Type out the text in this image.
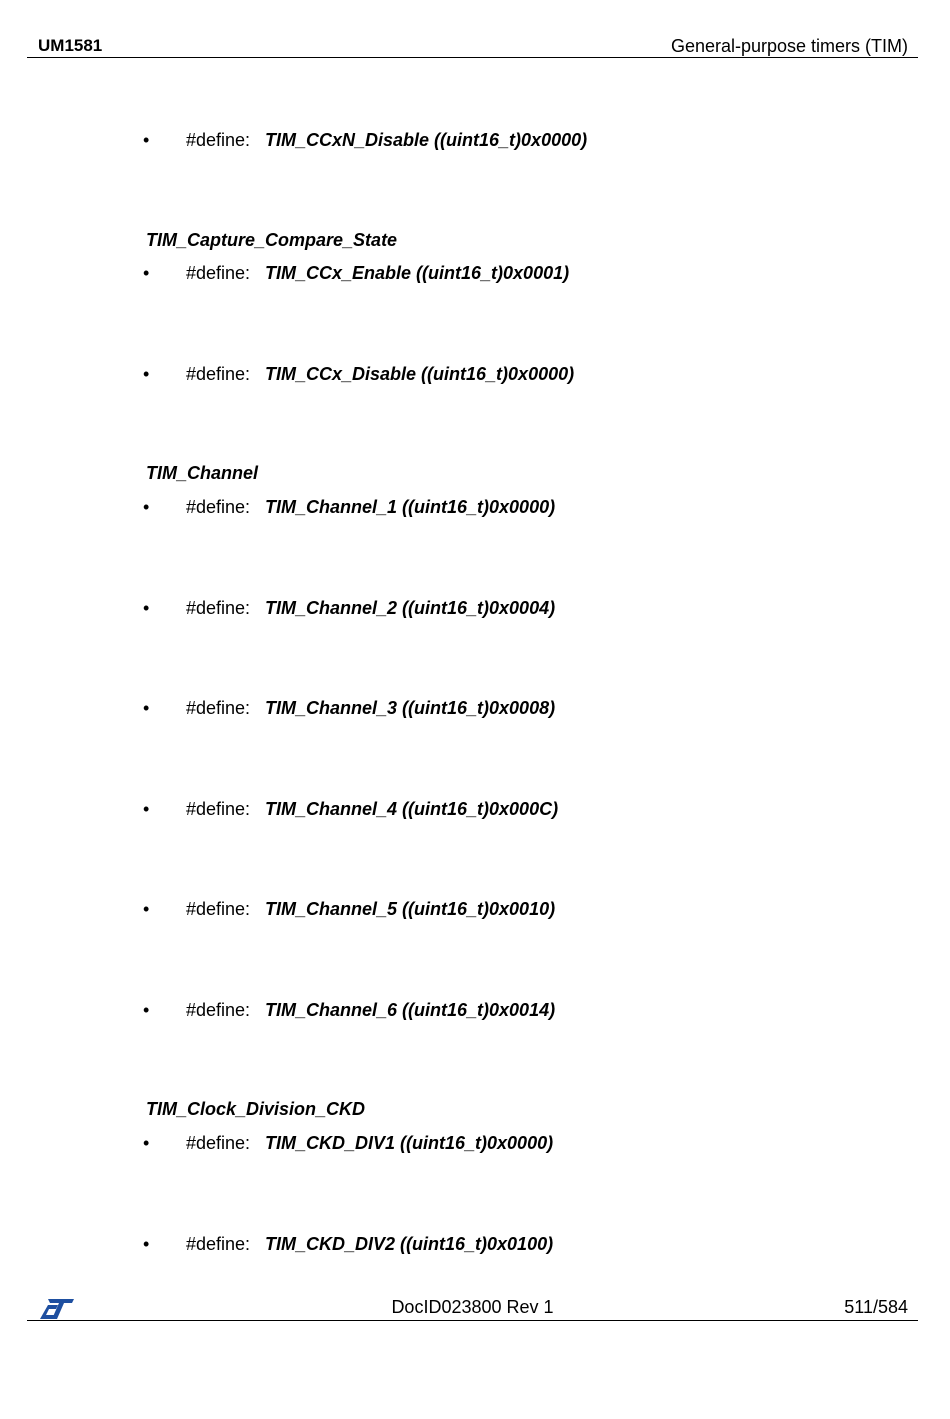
UM1581	General-purpose timers (TIM)
• #define: TIM_CCxN_Disable ((uint16_t)0x0000)
TIM_Capture_Compare_State
• #define: TIM_CCx_Enable ((uint16_t)0x0001)
• #define: TIM_CCx_Disable ((uint16_t)0x0000)
TIM_Channel
• #define: TIM_Channel_1 ((uint16_t)0x0000)
• #define: TIM_Channel_2 ((uint16_t)0x0004)
• #define: TIM_Channel_3 ((uint16_t)0x0008)
• #define: TIM_Channel_4 ((uint16_t)0x000C)
• #define: TIM_Channel_5 ((uint16_t)0x0010)
• #define: TIM_Channel_6 ((uint16_t)0x0014)
TIM_Clock_Division_CKD
• #define: TIM_CKD_DIV1 ((uint16_t)0x0000)
• #define: TIM_CKD_DIV2 ((uint16_t)0x0100)
DocID023800 Rev 1	511/584
